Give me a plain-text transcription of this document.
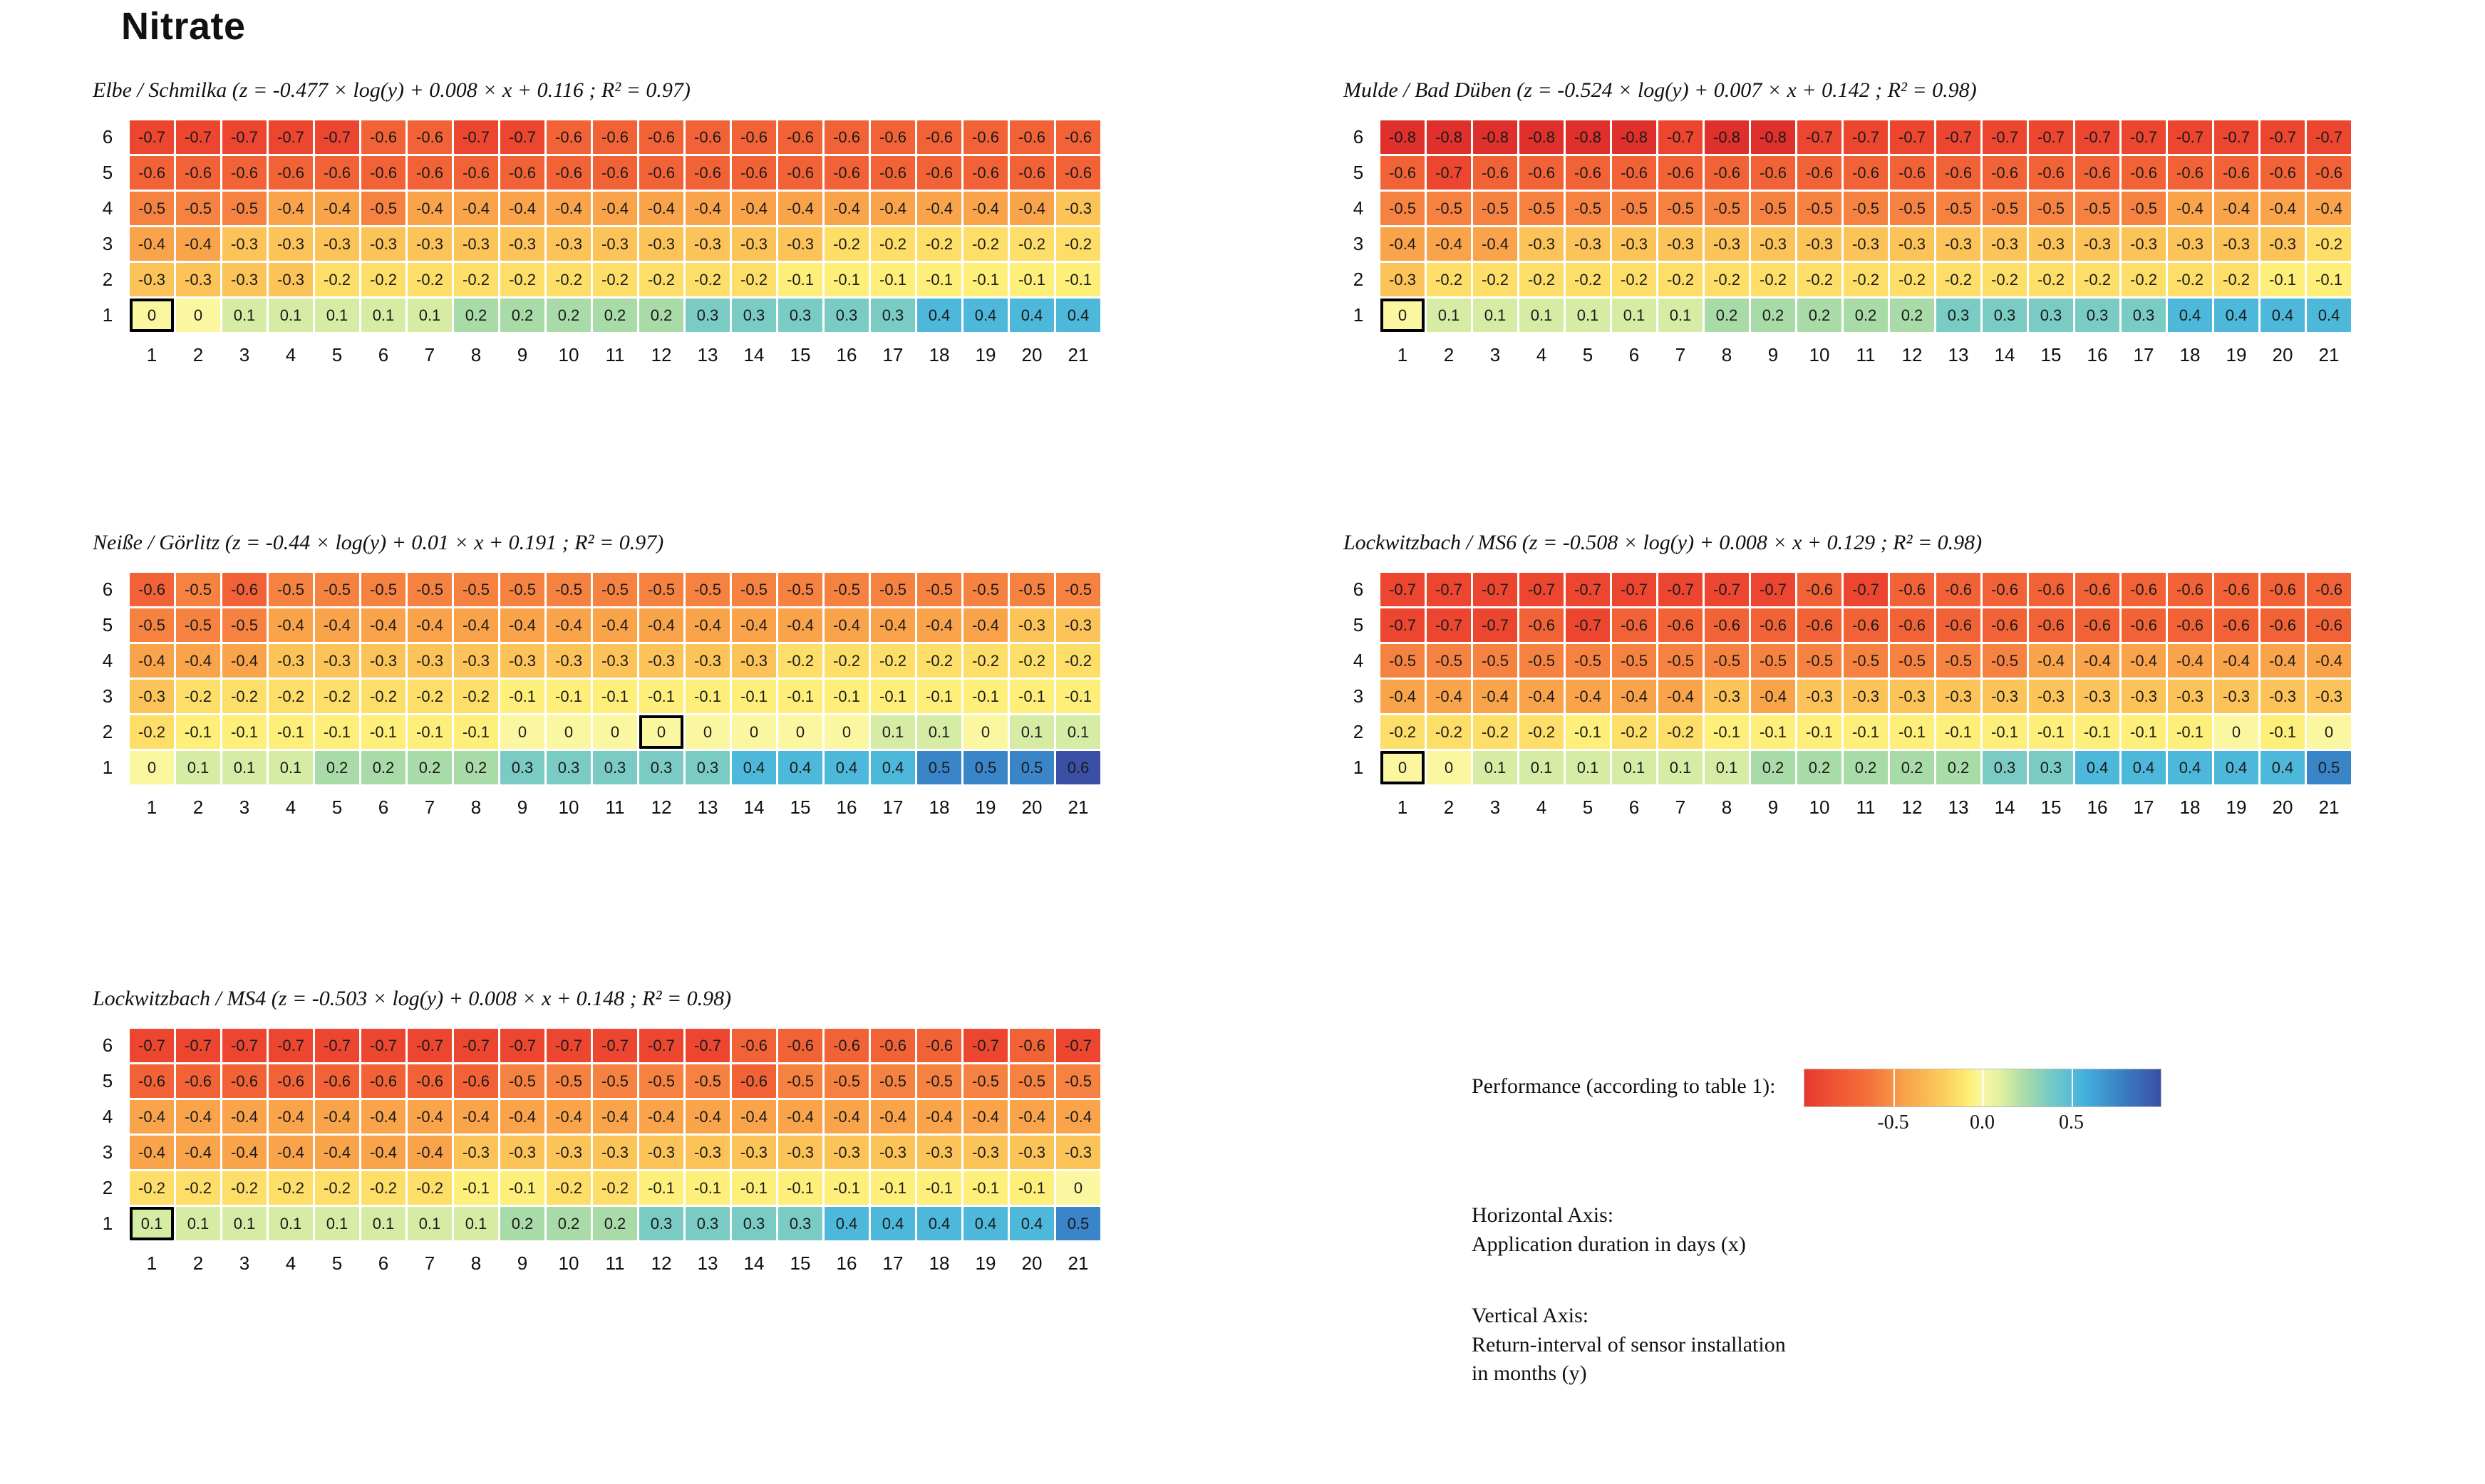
Nitrate
Elbe / Schmilka (z = -0.477 × log(y) + 0.008 × x + 0.116 ; R² = 0.97)
6	-0.7	-0.7	-0.7	-0.7	-0.7	-0.6	-0.6	-0.7	-0.7	-0.6	-0.6	-0.6	-0.6	-0.6	-0.6	-0.6	-0.6	-0.6	-0.6	-0.6	-0.6
5	-0.6	-0.6	-0.6	-0.6	-0.6	-0.6	-0.6	-0.6	-0.6	-0.6	-0.6	-0.6	-0.6	-0.6	-0.6	-0.6	-0.6	-0.6	-0.6	-0.6	-0.6
4	-0.5	-0.5	-0.5	-0.4	-0.4	-0.5	-0.4	-0.4	-0.4	-0.4	-0.4	-0.4	-0.4	-0.4	-0.4	-0.4	-0.4	-0.4	-0.4	-0.4	-0.3
3	-0.4	-0.4	-0.3	-0.3	-0.3	-0.3	-0.3	-0.3	-0.3	-0.3	-0.3	-0.3	-0.3	-0.3	-0.3	-0.2	-0.2	-0.2	-0.2	-0.2	-0.2
2	-0.3	-0.3	-0.3	-0.3	-0.2	-0.2	-0.2	-0.2	-0.2	-0.2	-0.2	-0.2	-0.2	-0.2	-0.1	-0.1	-0.1	-0.1	-0.1	-0.1	-0.1
1	0	0	0.1	0.1	0.1	0.1	0.1	0.2	0.2	0.2	0.2	0.2	0.3	0.3	0.3	0.3	0.3	0.4	0.4	0.4	0.4
	1	2	3	4	5	6	7	8	9	10	11	12	13	14	15	16	17	18	19	20	21
Mulde / Bad Düben (z = -0.524 × log(y) + 0.007 × x + 0.142 ; R² = 0.98)
6	-0.8	-0.8	-0.8	-0.8	-0.8	-0.8	-0.7	-0.8	-0.8	-0.7	-0.7	-0.7	-0.7	-0.7	-0.7	-0.7	-0.7	-0.7	-0.7	-0.7	-0.7
5	-0.6	-0.7	-0.6	-0.6	-0.6	-0.6	-0.6	-0.6	-0.6	-0.6	-0.6	-0.6	-0.6	-0.6	-0.6	-0.6	-0.6	-0.6	-0.6	-0.6	-0.6
4	-0.5	-0.5	-0.5	-0.5	-0.5	-0.5	-0.5	-0.5	-0.5	-0.5	-0.5	-0.5	-0.5	-0.5	-0.5	-0.5	-0.5	-0.4	-0.4	-0.4	-0.4
3	-0.4	-0.4	-0.4	-0.3	-0.3	-0.3	-0.3	-0.3	-0.3	-0.3	-0.3	-0.3	-0.3	-0.3	-0.3	-0.3	-0.3	-0.3	-0.3	-0.3	-0.2
2	-0.3	-0.2	-0.2	-0.2	-0.2	-0.2	-0.2	-0.2	-0.2	-0.2	-0.2	-0.2	-0.2	-0.2	-0.2	-0.2	-0.2	-0.2	-0.2	-0.1	-0.1
1	0	0.1	0.1	0.1	0.1	0.1	0.1	0.2	0.2	0.2	0.2	0.2	0.3	0.3	0.3	0.3	0.3	0.4	0.4	0.4	0.4
	1	2	3	4	5	6	7	8	9	10	11	12	13	14	15	16	17	18	19	20	21
Neiße / Görlitz (z = -0.44 × log(y) + 0.01 × x + 0.191 ; R² = 0.97)
6	-0.6	-0.5	-0.6	-0.5	-0.5	-0.5	-0.5	-0.5	-0.5	-0.5	-0.5	-0.5	-0.5	-0.5	-0.5	-0.5	-0.5	-0.5	-0.5	-0.5	-0.5
5	-0.5	-0.5	-0.5	-0.4	-0.4	-0.4	-0.4	-0.4	-0.4	-0.4	-0.4	-0.4	-0.4	-0.4	-0.4	-0.4	-0.4	-0.4	-0.4	-0.3	-0.3
4	-0.4	-0.4	-0.4	-0.3	-0.3	-0.3	-0.3	-0.3	-0.3	-0.3	-0.3	-0.3	-0.3	-0.3	-0.2	-0.2	-0.2	-0.2	-0.2	-0.2	-0.2
3	-0.3	-0.2	-0.2	-0.2	-0.2	-0.2	-0.2	-0.2	-0.1	-0.1	-0.1	-0.1	-0.1	-0.1	-0.1	-0.1	-0.1	-0.1	-0.1	-0.1	-0.1
2	-0.2	-0.1	-0.1	-0.1	-0.1	-0.1	-0.1	-0.1	0	0	0	0	0	0	0	0	0.1	0.1	0	0.1	0.1
1	0	0.1	0.1	0.1	0.2	0.2	0.2	0.2	0.3	0.3	0.3	0.3	0.3	0.4	0.4	0.4	0.4	0.5	0.5	0.5	0.6
	1	2	3	4	5	6	7	8	9	10	11	12	13	14	15	16	17	18	19	20	21
Lockwitzbach / MS6 (z = -0.508 × log(y) + 0.008 × x + 0.129 ; R² = 0.98)
6	-0.7	-0.7	-0.7	-0.7	-0.7	-0.7	-0.7	-0.7	-0.7	-0.6	-0.7	-0.6	-0.6	-0.6	-0.6	-0.6	-0.6	-0.6	-0.6	-0.6	-0.6
5	-0.7	-0.7	-0.7	-0.6	-0.7	-0.6	-0.6	-0.6	-0.6	-0.6	-0.6	-0.6	-0.6	-0.6	-0.6	-0.6	-0.6	-0.6	-0.6	-0.6	-0.6
4	-0.5	-0.5	-0.5	-0.5	-0.5	-0.5	-0.5	-0.5	-0.5	-0.5	-0.5	-0.5	-0.5	-0.5	-0.4	-0.4	-0.4	-0.4	-0.4	-0.4	-0.4
3	-0.4	-0.4	-0.4	-0.4	-0.4	-0.4	-0.4	-0.3	-0.4	-0.3	-0.3	-0.3	-0.3	-0.3	-0.3	-0.3	-0.3	-0.3	-0.3	-0.3	-0.3
2	-0.2	-0.2	-0.2	-0.2	-0.1	-0.2	-0.2	-0.1	-0.1	-0.1	-0.1	-0.1	-0.1	-0.1	-0.1	-0.1	-0.1	-0.1	0	-0.1	0
1	0	0	0.1	0.1	0.1	0.1	0.1	0.1	0.2	0.2	0.2	0.2	0.2	0.3	0.3	0.4	0.4	0.4	0.4	0.4	0.5
	1	2	3	4	5	6	7	8	9	10	11	12	13	14	15	16	17	18	19	20	21
Lockwitzbach / MS4 (z = -0.503 × log(y) + 0.008 × x + 0.148 ; R² = 0.98)
6	-0.7	-0.7	-0.7	-0.7	-0.7	-0.7	-0.7	-0.7	-0.7	-0.7	-0.7	-0.7	-0.7	-0.6	-0.6	-0.6	-0.6	-0.6	-0.7	-0.6	-0.7
5	-0.6	-0.6	-0.6	-0.6	-0.6	-0.6	-0.6	-0.6	-0.5	-0.5	-0.5	-0.5	-0.5	-0.6	-0.5	-0.5	-0.5	-0.5	-0.5	-0.5	-0.5
4	-0.4	-0.4	-0.4	-0.4	-0.4	-0.4	-0.4	-0.4	-0.4	-0.4	-0.4	-0.4	-0.4	-0.4	-0.4	-0.4	-0.4	-0.4	-0.4	-0.4	-0.4
3	-0.4	-0.4	-0.4	-0.4	-0.4	-0.4	-0.4	-0.3	-0.3	-0.3	-0.3	-0.3	-0.3	-0.3	-0.3	-0.3	-0.3	-0.3	-0.3	-0.3	-0.3
2	-0.2	-0.2	-0.2	-0.2	-0.2	-0.2	-0.2	-0.1	-0.1	-0.2	-0.2	-0.1	-0.1	-0.1	-0.1	-0.1	-0.1	-0.1	-0.1	-0.1	0
1	0.1	0.1	0.1	0.1	0.1	0.1	0.1	0.1	0.2	0.2	0.2	0.3	0.3	0.3	0.3	0.4	0.4	0.4	0.4	0.4	0.5
	1	2	3	4	5	6	7	8	9	10	11	12	13	14	15	16	17	18	19	20	21
Performance (according to table 1):
-0.5	0.0	0.5
Horizontal Axis:
Application duration in days (x)
Vertical Axis:
Return-interval of sensor installation
in months (y)
